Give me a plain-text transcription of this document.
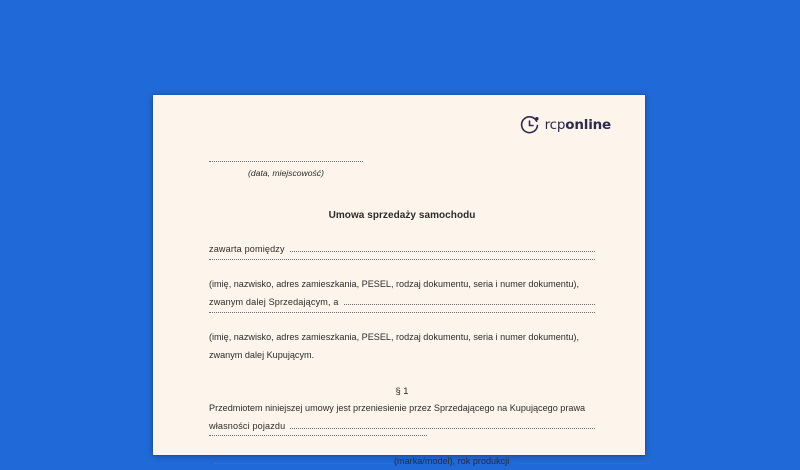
rcponline
(data, miejscowość)
Umowa sprzedaży samochodu
zawarta pomiędzy
(imię, nazwisko, adres zamieszkania, PESEL, rodzaj dokumentu, seria i numer dokumentu),
zwanym dalej Sprzedającym, a
(imię, nazwisko, adres zamieszkania, PESEL, rodzaj dokumentu, seria i numer dokumentu),
zwanym dalej Kupującym.
§ 1
Przedmiotem niniejszej umowy jest przeniesienie przez Sprzedającego na Kupującego prawa
własności pojazdu
(marka/model), rok produkcji
